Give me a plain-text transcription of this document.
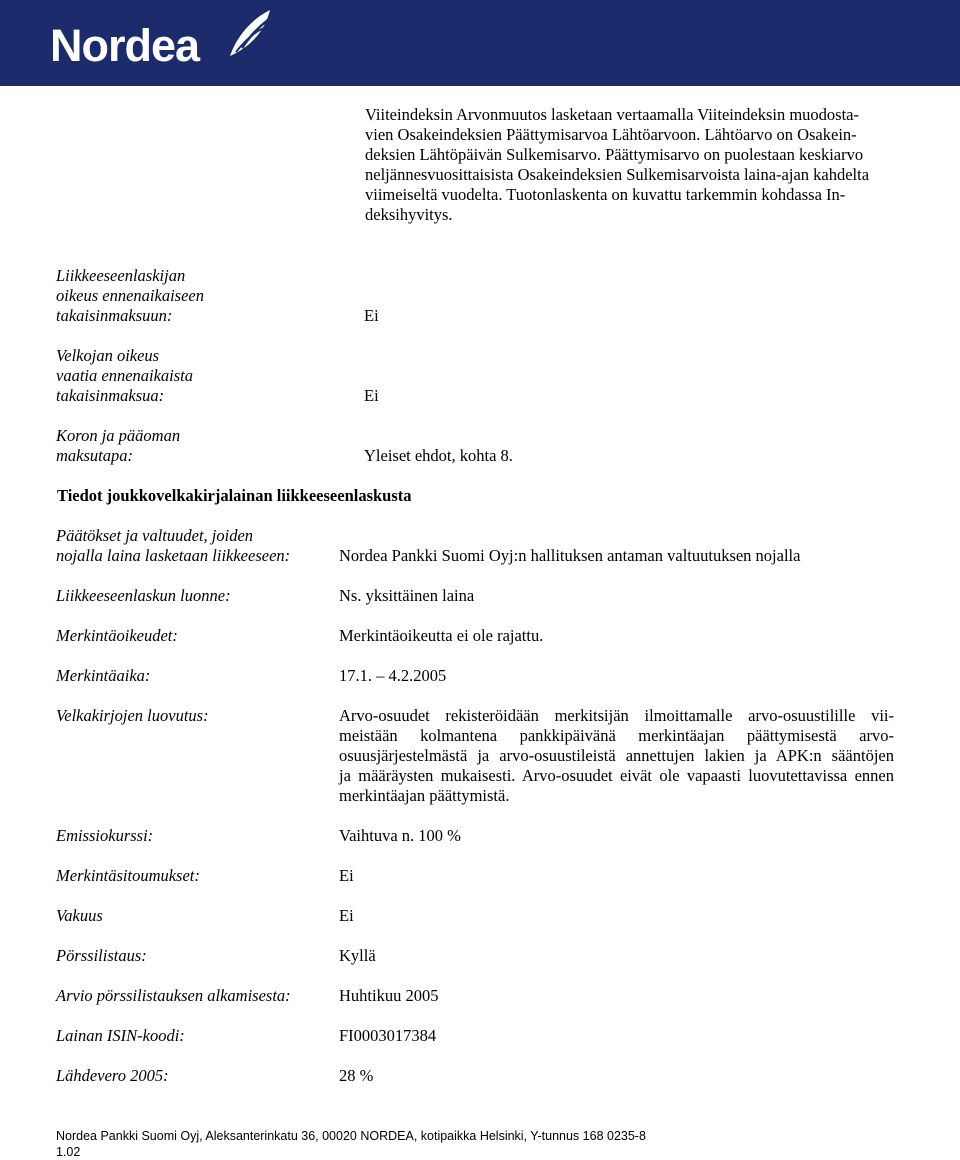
Nordea
Viiteindeksin Arvonmuutos lasketaan vertaamalla Viiteindeksin muodosta-
vien Osakeindeksien Päättymisarvoa Lähtöarvoon. Lähtöarvo on Osakein-
deksien Lähtöpäivän Sulkemisarvo. Päättymisarvo on puolestaan keskiarvo
neljännesvuosittaisista Osakeindeksien Sulkemisarvoista laina-ajan kahdelta
viimeiseltä vuodelta. Tuotonlaskenta on kuvattu tarkemmin kohdassa In-
deksihyvitys.
Liikkeeseenlaskijan
oikeus ennenaikaiseen
takaisinmaksuun:	Ei
Velkojan oikeus
vaatia ennenaikaista
takaisinmaksua:	Ei
Koron ja pääoman
maksutapa:	Yleiset ehdot, kohta 8.
Tiedot joukkovelkakirjalainan liikkeeseenlaskusta
Päätökset ja valtuudet, joiden
nojalla laina lasketaan liikkeeseen:	Nordea Pankki Suomi Oyj:n hallituksen antaman valtuutuksen nojalla
Liikkeeseenlaskun luonne:	Ns. yksittäinen laina
Merkintäoikeudet:	Merkintäoikeutta ei ole rajattu.
Merkintäaika:	17.1. – 4.2.2005
Velkakirjojen luovutus:	Arvo-osuudet rekisteröidään merkitsijän ilmoittamalle arvo-osuustilille vii-
meistään kolmantena pankkipäivänä merkintäajan päättymisestä arvo-
osuusjärjestelmästä ja arvo-osuustileistä annettujen lakien ja APK:n sääntöjen
ja määräysten mukaisesti. Arvo-osuudet eivät ole vapaasti luovutettavissa ennen
merkintäajan päättymistä.
Emissiokurssi:	Vaihtuva n. 100 %
Merkintäsitoumukset:	Ei
Vakuus	Ei
Pörssilistaus:	Kyllä
Arvio pörssilistauksen alkamisesta:	Huhtikuu 2005
Lainan ISIN-koodi:	FI0003017384
Lähdevero 2005:	28 %
Nordea Pankki Suomi Oyj, Aleksanterinkatu 36, 00020 NORDEA, kotipaikka Helsinki, Y-tunnus 168 0235-8
1.02
